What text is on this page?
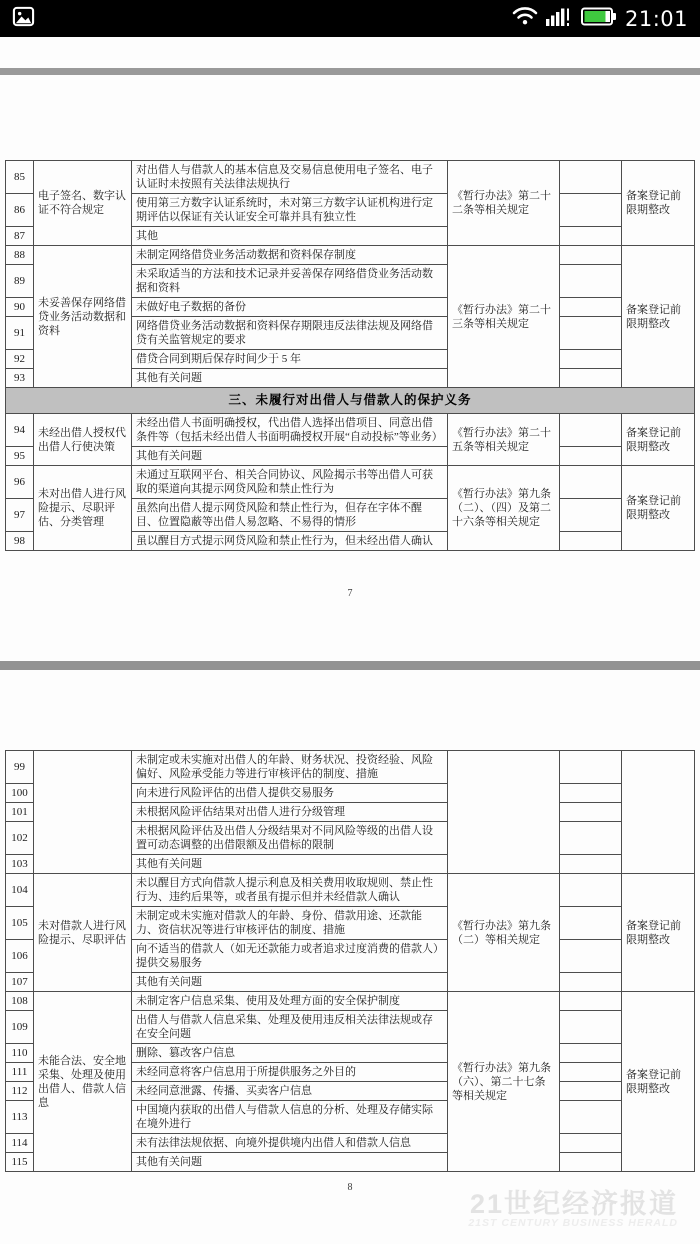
21:01
85	电子签名、数字认证不符合规定	对出借人与借款人的基本信息及交易信息使用电子签名、电子认证时未按照有关法律法规执行	《暂行办法》第二十二条等相关规定		备案登记前限期整改
86		使用第三方数字认证系统时，未对第三方数字认证机构进行定期评估以保证有关认证安全可靠并具有独立性			
87		其他			
88	未妥善保存网络借贷业务活动数据和资料	未制定网络借贷业务活动数据和资料保存制度	《暂行办法》第二十三条等相关规定		备案登记前限期整改
89		未采取适当的方法和技术记录并妥善保存网络借贷业务活动数据和资料			
90		未做好电子数据的备份			
91		网络借贷业务活动数据和资料保存期限违反法律法规及网络借贷有关监管规定的要求			
92		借贷合同到期后保存时间少于 5 年			
93		其他有关问题			
三、未履行对出借人与借款人的保护义务					
94	未经出借人授权代出借人行使决策	未经出借人书面明确授权，代出借人选择出借项目、同意出借条件等（包括未经出借人书面明确授权开展“自动投标”等业务）	《暂行办法》第二十五条等相关规定		备案登记前限期整改
95		其他有关问题			
96	未对出借人进行风险提示、尽职评估、分类管理	未通过互联网平台、相关合同协议、风险揭示书等出借人可获取的渠道向其提示网贷风险和禁止性行为	《暂行办法》第九条（二）、（四）及第二十六条等相关规定		备案登记前限期整改
97		虽然向出借人提示网贷风险和禁止性行为，但存在字体不醒目、位置隐蔽等出借人易忽略、不易得的情形			
98		虽以醒目方式提示网贷风险和禁止性行为，但未经出借人确认			
99		未制定或未实施对出借人的年龄、财务状况、投资经验、风险偏好、风险承受能力等进行审核评估的制度、措施			
100		向未进行风险评估的出借人提供交易服务			
101		未根据风险评估结果对出借人进行分级管理			
102		未根据风险评估及出借人分级结果对不同风险等级的出借人设置可动态调整的出借限额及出借标的限制			
103		其他有关问题			
104	未对借款人进行风险提示、尽职评估	未以醒目方式向借款人提示利息及相关费用收取规则、禁止性行为、违约后果等，或者虽有提示但并未经借款人确认	《暂行办法》第九条（二）等相关规定		备案登记前限期整改
105		未制定或未实施对借款人的年龄、身份、借款用途、还款能力、资信状况等进行审核评估的制度、措施			
106		向不适当的借款人（如无还款能力或者追求过度消费的借款人）提供交易服务			
107		其他有关问题			
108	未能合法、安全地采集、处理及使用出借人、借款人信息	未制定客户信息采集、使用及处理方面的安全保护制度	《暂行办法》第九条（六）、第二十七条等相关规定		备案登记前限期整改
109		出借人与借款人信息采集、处理及使用违反相关法律法规或存在安全问题			
110		删除、篡改客户信息			
111		未经同意将客户信息用于所提供服务之外目的			
112		未经同意泄露、传播、买卖客户信息			
113		中国境内获取的出借人与借款人信息的分析、处理及存储实际在境外进行			
114		未有法律法规依据、向境外提供境内出借人和借款人信息			
115		其他有关问题			
7
8
21世纪经济报道
21ST CENTURY BUSINESS HERALD
